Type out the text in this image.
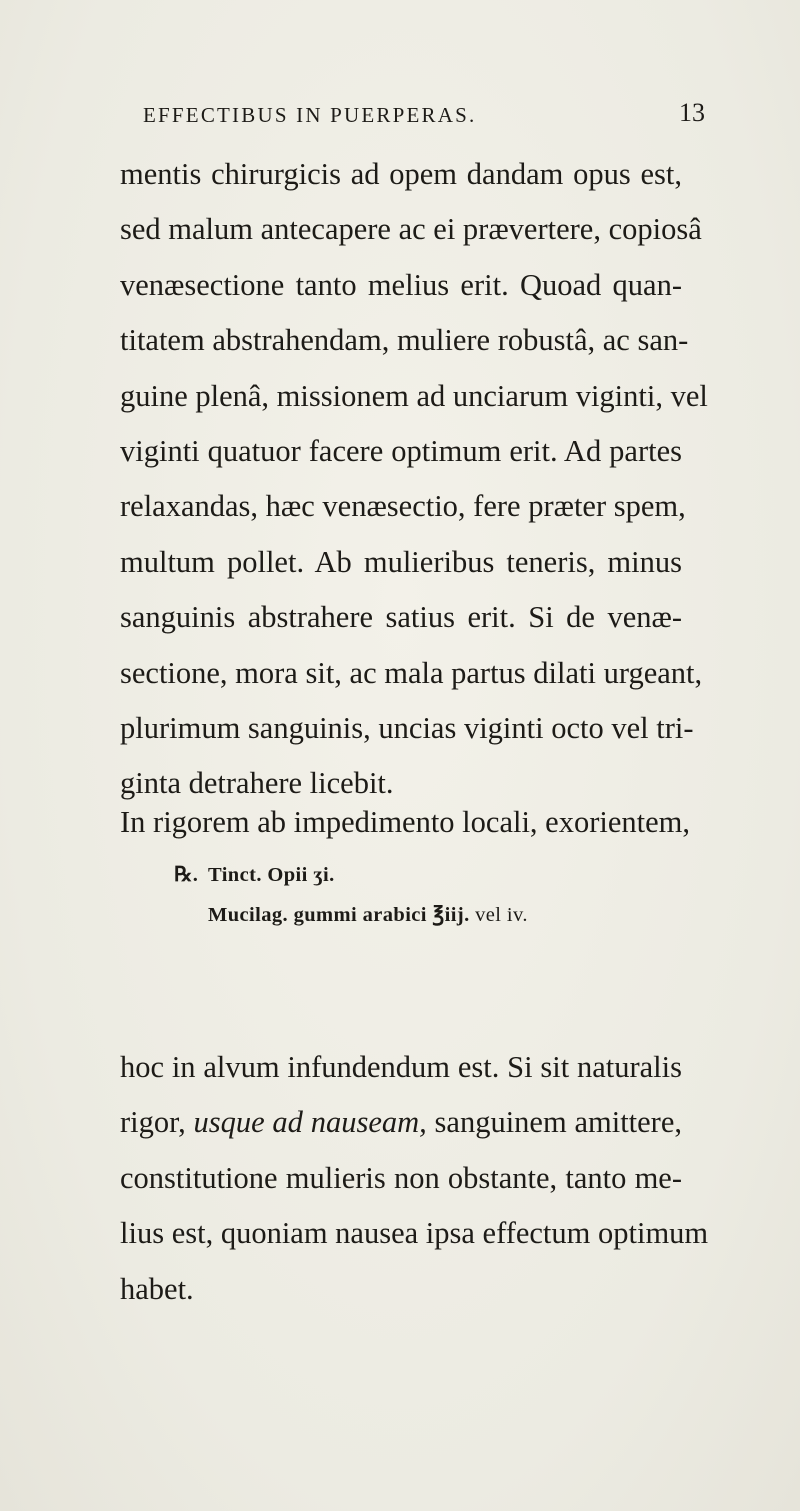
EFFECTIBUS IN PUERPERAS.	13

mentis chirurgicis ad opem dandam opus est,
sed malum antecapere ac ei prævertere, copiosâ
venæsectione tanto melius erit. Quoad quan-
titatem abstrahendam, muliere robustâ, ac san-
guine plenâ, missionem ad unciarum viginti, vel
viginti quatuor facere optimum erit. Ad partes
relaxandas, hæc venæsectio, fere præter spem,
multum pollet. Ab mulieribus teneris, minus
sanguinis abstrahere satius erit. Si de venæ-
sectione, mora sit, ac mala partus dilati urgeant,
plurimum sanguinis, uncias viginti octo vel tri-
ginta detrahere licebit.

In rigorem ab impedimento locali, exorientem,

℞. Tinct. Opii ʒi.
Mucilag. gummi arabici ℥iij. vel iv.

hoc in alvum infundendum est. Si sit naturalis
rigor, usque ad nauseam, sanguinem amittere,
constitutione mulieris non obstante, tanto me-
lius est, quoniam nausea ipsa effectum optimum
habet.
